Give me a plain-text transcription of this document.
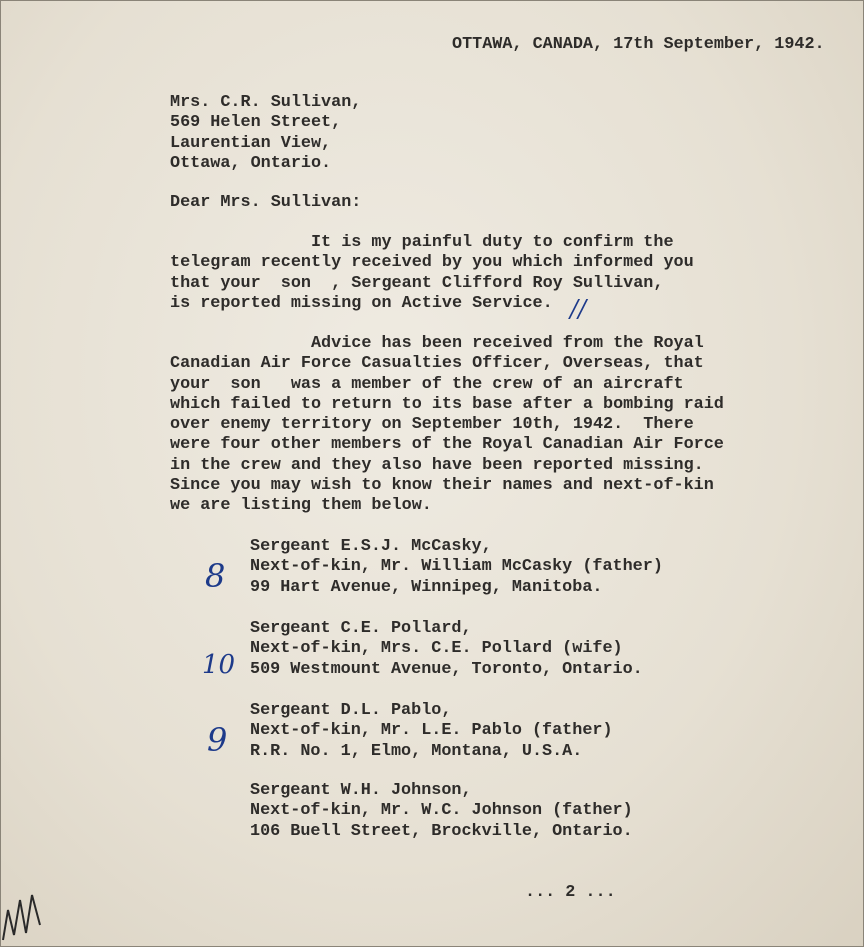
OTTAWA, CANADA, 17th September, 1942.
Mrs. C.R. Sullivan,
569 Helen Street,
Laurentian View,
Ottawa, Ontario.
Dear Mrs. Sullivan:
It is my painful duty to confirm the
telegram recently received by you which informed you
that your  son  , Sergeant Clifford Roy Sullivan,
is reported missing on Active Service. //
Advice has been received from the Royal
Canadian Air Force Casualties Officer, Overseas, that
your  son   was a member of the crew of an aircraft
which failed to return to its base after a bombing raid
over enemy territory on September 10th, 1942.  There
were four other members of the Royal Canadian Air Force
in the crew and they also have been reported missing.
Since you may wish to know their names and next-of-kin
we are listing them below.
Sergeant E.S.J. McCasky,
Next-of-kin, Mr. William McCasky (father)
99 Hart Avenue, Winnipeg, Manitoba.
8
Sergeant C.E. Pollard,
Next-of-kin, Mrs. C.E. Pollard (wife)
509 Westmount Avenue, Toronto, Ontario.
10
Sergeant D.L. Pablo,
Next-of-kin, Mr. L.E. Pablo (father)
R.R. No. 1, Elmo, Montana, U.S.A.
9
Sergeant W.H. Johnson,
Next-of-kin, Mr. W.C. Johnson (father)
106 Buell Street, Brockville, Ontario.
... 2 ...
